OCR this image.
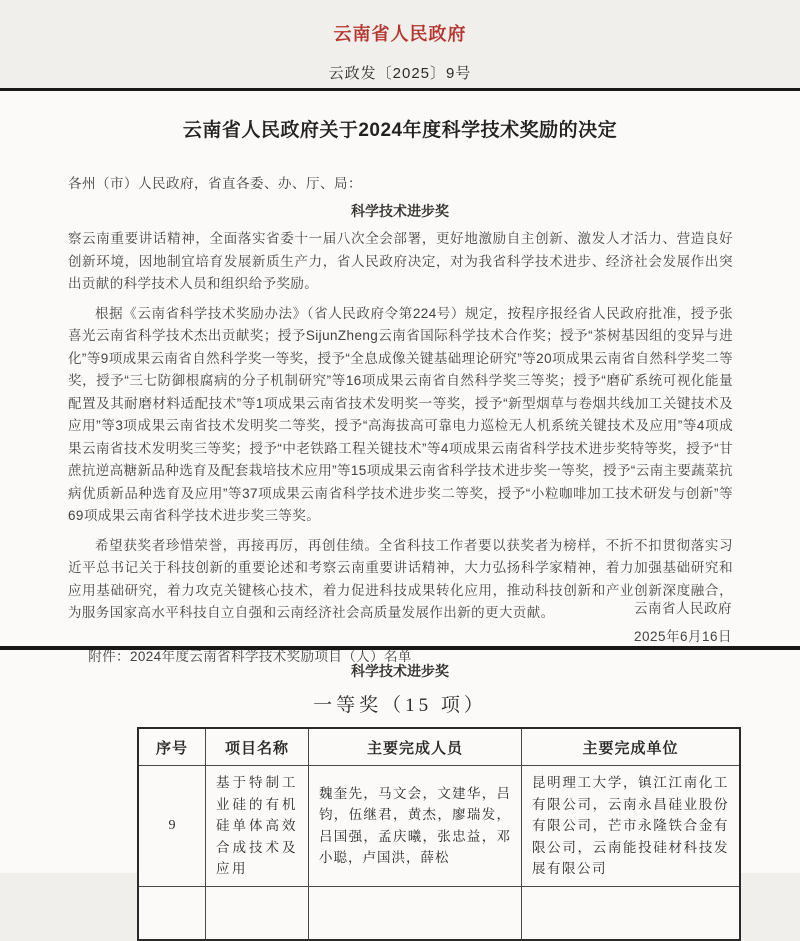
云南省人民政府
云政发〔2025〕9号
云南省人民政府关于2024年度科学技术奖励的决定
各州（市）人民政府，省直各委、办、厅、局：
科学技术进步奖
察云南重要讲话精神，全面落实省委十一届八次全会部署，更好地激励自主创新、激发人才活力、营造良好创新环境，因地制宜培育发展新质生产力，省人民政府决定，对为我省科学技术进步、经济社会发展作出突出贡献的科学技术人员和组织给予奖励。
根据《云南省科学技术奖励办法》（省人民政府令第224号）规定，按程序报经省人民政府批准，授予张喜光云南省科学技术杰出贡献奖；授予SijunZheng云南省国际科学技术合作奖；授予“茶树基因组的变异与进化”等9项成果云南省自然科学奖一等奖，授予“全息成像关键基础理论研究”等20项成果云南省自然科学奖二等奖，授予“三七防御根腐病的分子机制研究”等16项成果云南省自然科学奖三等奖；授予“磨矿系统可视化能量配置及其耐磨材料适配技术”等1项成果云南省技术发明奖一等奖，授予“新型烟草与卷烟共线加工关键技术及应用”等3项成果云南省技术发明奖二等奖，授予“高海拔高可靠电力巡检无人机系统关键技术及应用”等4项成果云南省技术发明奖三等奖；授予“中老铁路工程关键技术”等4项成果云南省科学技术进步奖特等奖，授予“甘蔗抗逆高糖新品种选育及配套栽培技术应用”等15项成果云南省科学技术进步奖一等奖，授予“云南主要蔬菜抗病优质新品种选育及应用”等37项成果云南省科学技术进步奖二等奖，授予“小粒咖啡加工技术研发与创新”等69项成果云南省科学技术进步奖三等奖。
希望获奖者珍惜荣誉，再接再厉，再创佳绩。全省科技工作者要以获奖者为榜样，不折不扣贯彻落实习近平总书记关于科技创新的重要论述和考察云南重要讲话精神，大力弘扬科学家精神，着力加强基础研究和应用基础研究，着力攻克关键核心技术，着力促进科技成果转化应用，推动科技创新和产业创新深度融合，为服务国家高水平科技自立自强和云南经济社会高质量发展作出新的更大贡献。
附件：2024年度云南省科学技术奖励项目（人）名单
云南省人民政府
2025年6月16日
科学技术进步奖
一等奖（15 项）
序号	项目名称	主要完成人员	主要完成单位
9	基于特制工业硅的有机硅单体高效合成技术及应用	魏奎先，马文会，文建华，吕钧，伍继君，黄杰，廖瑞发，吕国强，孟庆曦，张忠益，邓小聪，卢国洪，薛松	昆明理工大学，镇江江南化工有限公司，云南永昌硅业股份有限公司，芒市永隆铁合金有限公司，云南能投硅材科技发展有限公司
